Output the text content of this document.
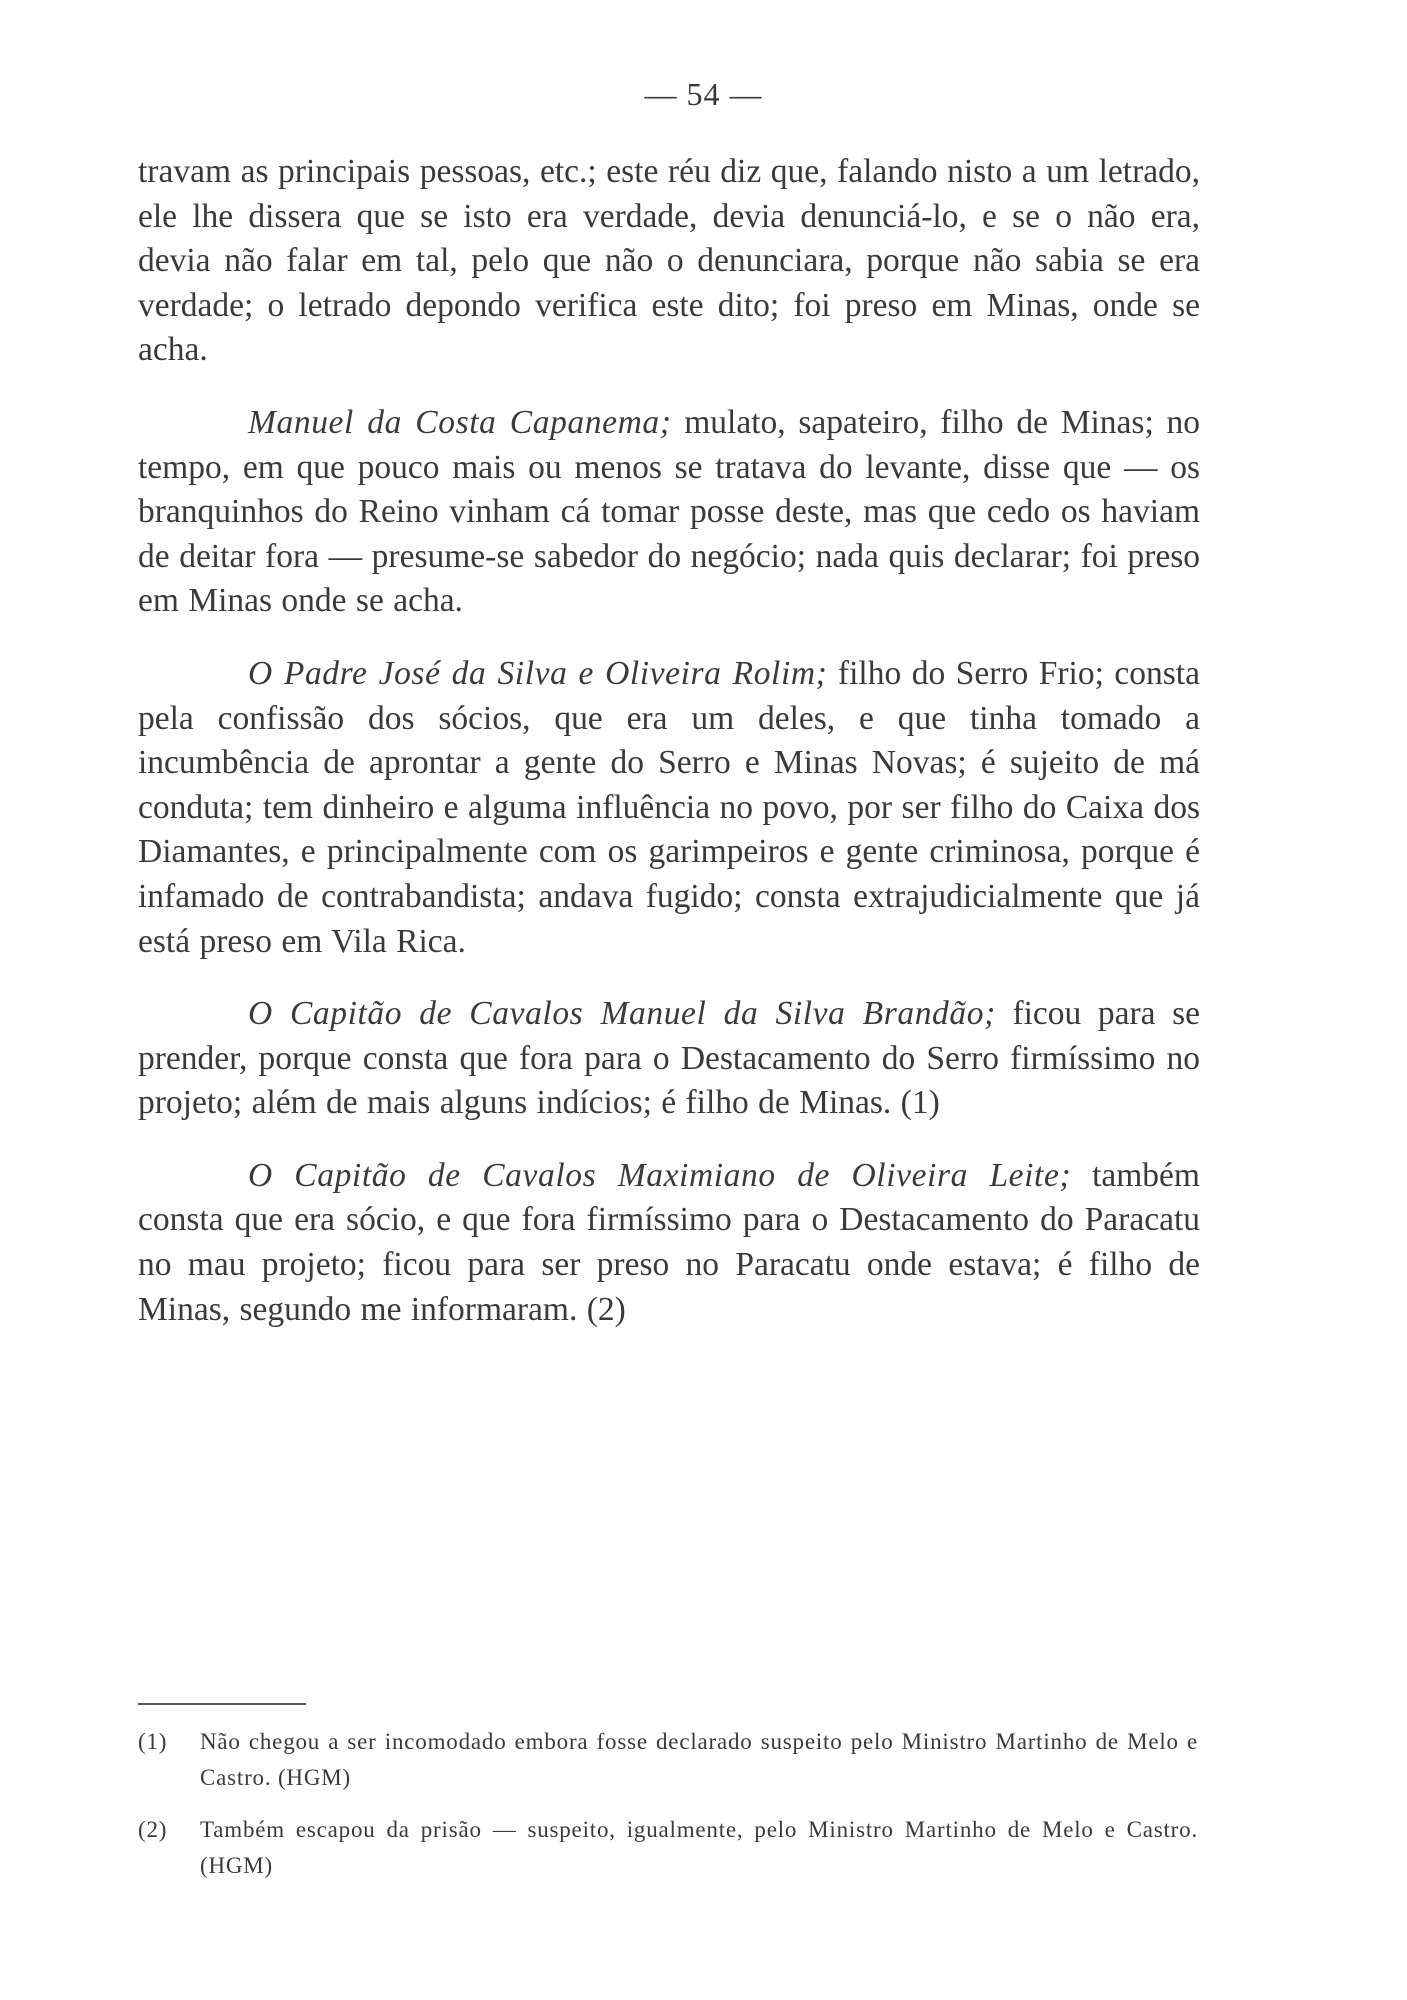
— 54 —

travam as principais pessoas, etc.; este réu diz que, falando nisto a um letrado, ele lhe dissera que se isto era verdade, devia denunciá-lo, e se o não era, devia não falar em tal, pelo que não o denunciara, porque não sabia se era verdade; o letrado depondo verifica este dito; foi preso em Minas, onde se acha.

Manuel da Costa Capanema; mulato, sapateiro, filho de Minas; no tempo, em que pouco mais ou menos se tratava do levante, disse que — os branquinhos do Reino vinham cá tomar posse deste, mas que cedo os haviam de deitar fora — presume-se sabedor do negócio; nada quis declarar; foi preso em Minas onde se acha.

O Padre José da Silva e Oliveira Rolim; filho do Serro Frio; consta pela confissão dos sócios, que era um deles, e que tinha tomado a incumbência de aprontar a gente do Serro e Minas Novas; é sujeito de má conduta; tem dinheiro e alguma influência no povo, por ser filho do Caixa dos Diamantes, e principalmente com os garimpeiros e gente criminosa, porque é infamado de contrabandista; andava fugido; consta extrajudicialmente que já está preso em Vila Rica.

O Capitão de Cavalos Manuel da Silva Brandão; ficou para se prender, porque consta que fora para o Destacamento do Serro firmíssimo no projeto; além de mais alguns indícios; é filho de Minas. (1)

O Capitão de Cavalos Maximiano de Oliveira Leite; também consta que era sócio, e que fora firmíssimo para o Destacamento do Paracatu no mau projeto; ficou para ser preso no Paracatu onde estava; é filho de Minas, segundo me informaram. (2)

(1)	Não chegou a ser incomodado embora fosse declarado suspeito pelo Ministro Martinho de Melo e Castro. (HGM)
(2)	Também escapou da prisão — suspeito, igualmente, pelo Ministro Martinho de Melo e Castro. (HGM)
